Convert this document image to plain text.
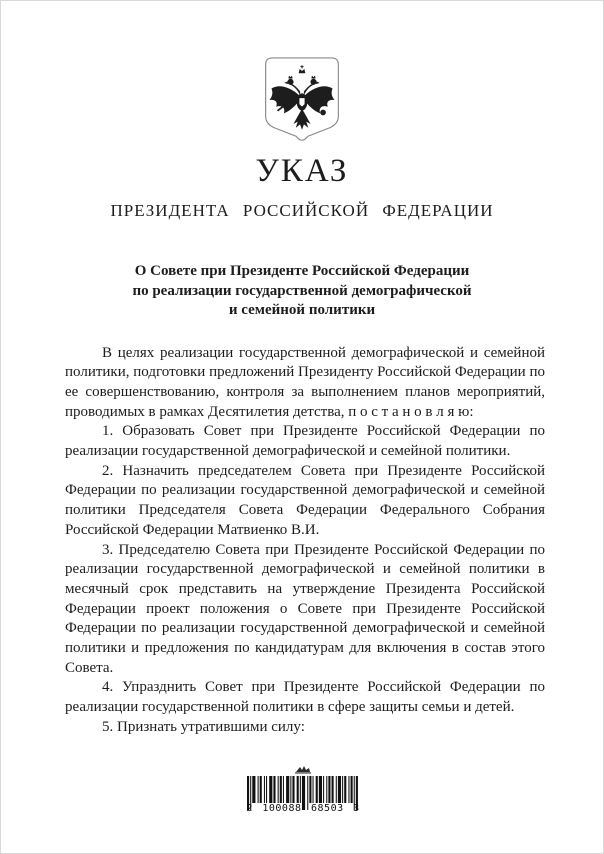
УКАЗ
ПРЕЗИДЕНТА РОССИЙСКОЙ ФЕДЕРАЦИИ
О Совете при Президенте Российской Федерации
по реализации государственной демографической
и семейной политики

В целях реализации государственной демографической и семейной политики, подготовки предложений Президенту Российской Федерации по ее совершенствованию, контроля за выполнением планов мероприятий, проводимых в рамках Десятилетия детства, п о с т а н о в л я ю:

1. Образовать Совет при Президенте Российской Федерации по реализации государственной демографической и семейной политики.

2. Назначить председателем Совета при Президенте Российской Федерации по реализации государственной демографической и семейной политики Председателя Совета Федерации Федерального Собрания Российской Федерации Матвиенко В.И.

3. Председателю Совета при Президенте Российской Федерации по реализации государственной демографической и семейной политики в месячный срок представить на утверждение Президента Российской Федерации проект положения о Совете при Президенте Российской Федерации по реализации государственной демографической и семейной политики и предложения по кандидатурам для включения в состав этого Совета.

4. Упразднить Совет при Президенте Российской Федерации по реализации государственной политики в сфере защиты семьи и детей.

5. Признать утратившими силу:

2 100088 68503 3
